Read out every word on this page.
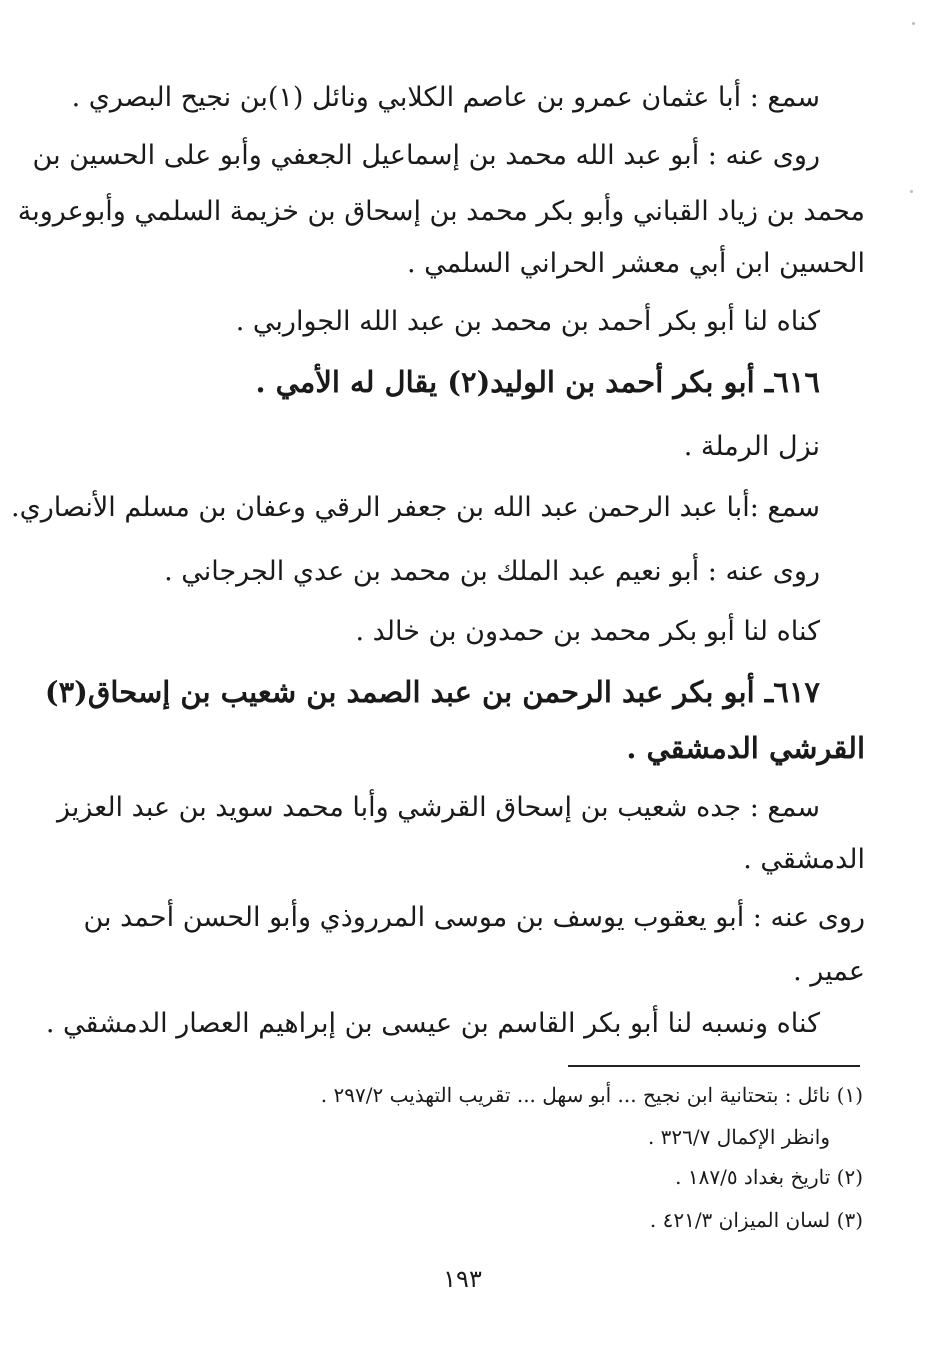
سمع : أبا عثمان عمرو بن عاصم الكلابي ونائل (١)بن نجيح البصري .
روى عنه : أبو عبد الله محمد بن إسماعيل الجعفي وأبو على الحسين بن
محمد بن زياد القباني وأبو بكر محمد بن إسحاق بن خزيمة السلمي وأبوعروبة
الحسين ابن أبي معشر الحراني السلمي .
كناه لنا أبو بكر أحمد بن محمد بن عبد الله الجواربي .
٦١٦ـ أبو بكر أحمد بن الوليد(٢) يقال له الأمي .
نزل الرملة .
سمع :أبا عبد الرحمن عبد الله بن جعفر الرقي وعفان بن مسلم الأنصاري.
روى عنه : أبو نعيم عبد الملك بن محمد بن عدي الجرجاني .
كناه لنا أبو بكر محمد بن حمدون بن خالد .
٦١٧ـ أبو بكر عبد الرحمن بن عبد الصمد بن شعيب بن إسحاق(٣)
القرشي الدمشقي .
سمع : جده شعيب بن إسحاق القرشي وأبا محمد سويد بن عبد العزيز
الدمشقي .
روى عنه : أبو يعقوب يوسف بن موسى المرروذي وأبو الحسن أحمد بن
عمير .
كناه ونسبه لنا أبو بكر القاسم بن عيسى بن إبراهيم العصار الدمشقي .
(١) نائل : بتحتانية ابن نجيح ... أبو سهل ... تقريب التهذيب ٢٩٧/٢ .
وانظر الإكمال ٣٢٦/٧ .
(٢) تاريخ بغداد ١٨٧/٥ .
(٣) لسان الميزان ٤٢١/٣ .
١٩٣
